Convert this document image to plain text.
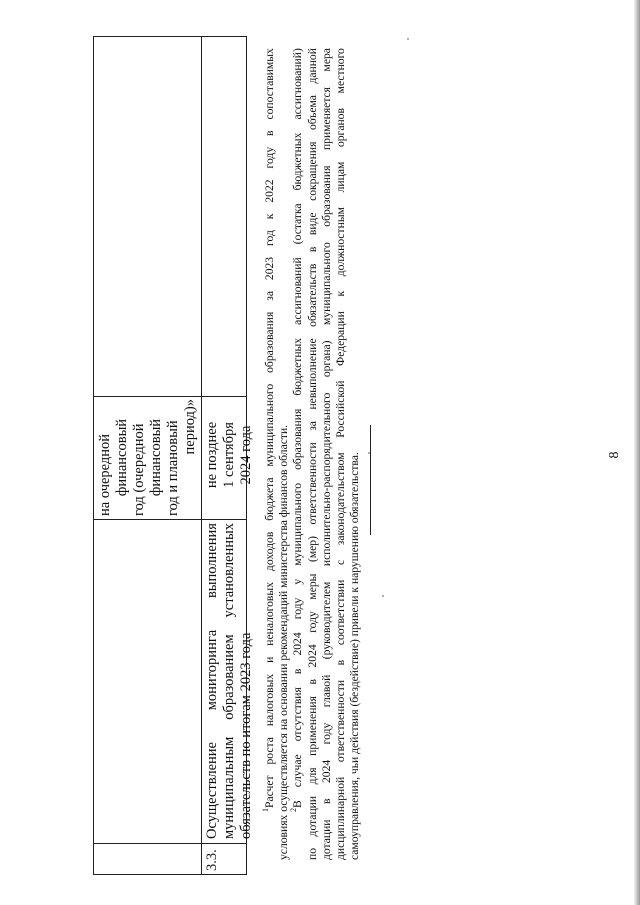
8
на очередной финансовый год (очередной финансовый год и плановый период)»
3.3.
Осуществление
мониторинга
выполнения
муниципальным
образованием
установленных
обязательств по итогам 2023 года
не позднее 1 сентября 2024 года
$^1$Расчет
роста
налоговых
и
неналоговых
доходов
бюджета
муниципального
образования
за
2023
год
к
2022
году
в
сопоставимых
условиях осуществляется на основании рекомендаций министерства финансов области. $^2$В
случае
отсутствия
в
2024
году
у
муниципального
образования
бюджетных
ассигнований
(остатка
бюджетных
ассигнований)
по
дотации
для
применения
в
2024
году
меры
(мер)
ответственности
за
невыполнение
обязательств
в
виде
сокращения
объема
данной
дотации
в
2024
году
главой
(руководителем
исполнительно-распорядительного
органа)
муниципального
образования
применяется
мера
дисциплинарной
ответственности
в
соответствии
с
законодательством
Российской
Федерации
к
должностным
лицам
органов
местного
самоуправления, чьи действия (бездействие) привели к нарушению обязательства.
